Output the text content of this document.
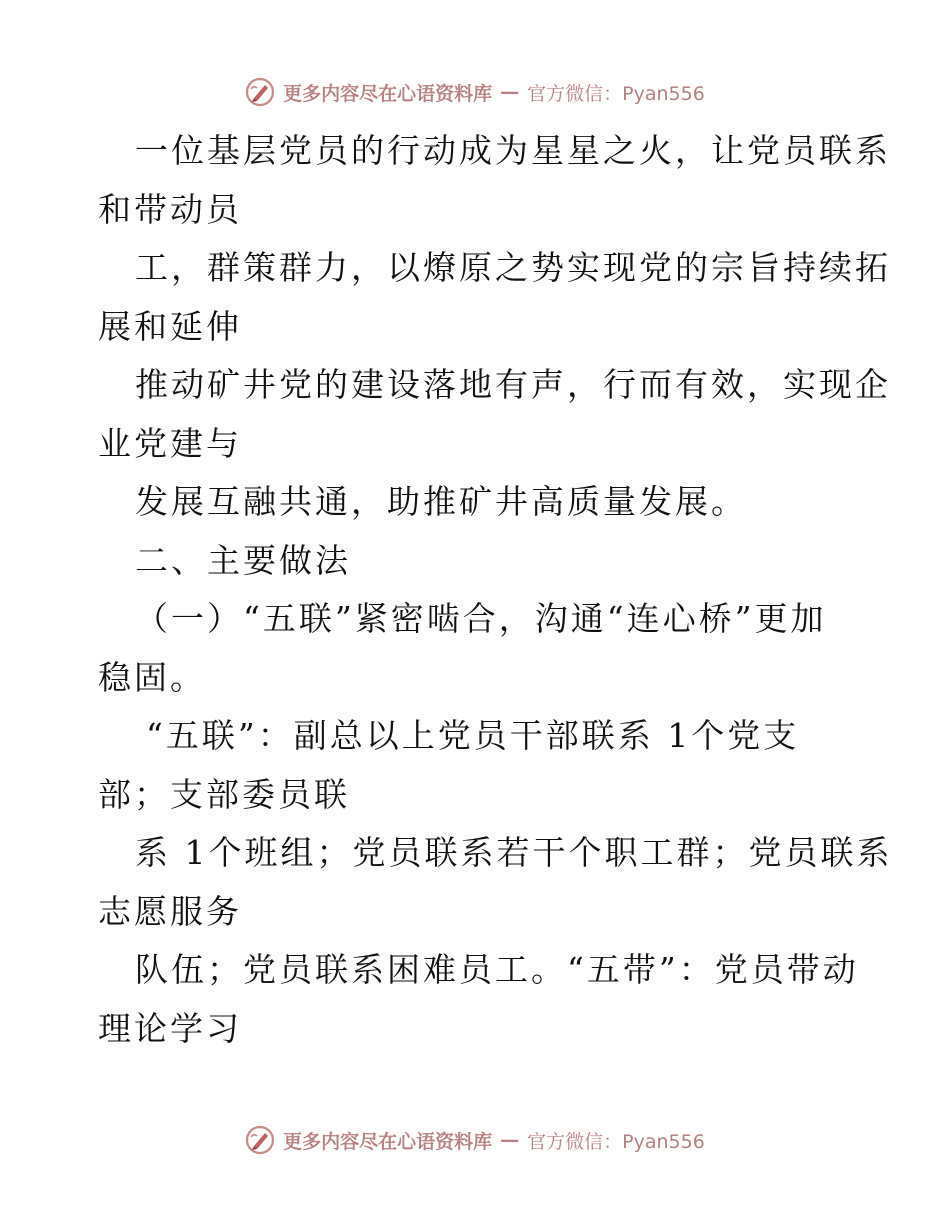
更多内容尽在心语资料库 — 官方微信：Pyan556
一位基层党员的行动成为星星之火，让党员联系
和带动员
工，群策群力，以燎原之势实现党的宗旨持续拓
展和延伸
推动矿井党的建设落地有声，行而有效，实现企
业党建与
发展互融共通，助推矿井高质量发展。
二、主要做法
（一）“五联”紧密啮合，沟通“连心桥”更加
稳固。
“五联”：副总以上党员干部联系 1个党支
部；支部委员联
系 1个班组；党员联系若干个职工群；党员联系
志愿服务
队伍；党员联系困难员工。“五带”：党员带动
理论学习
更多内容尽在心语资料库 — 官方微信：Pyan556
